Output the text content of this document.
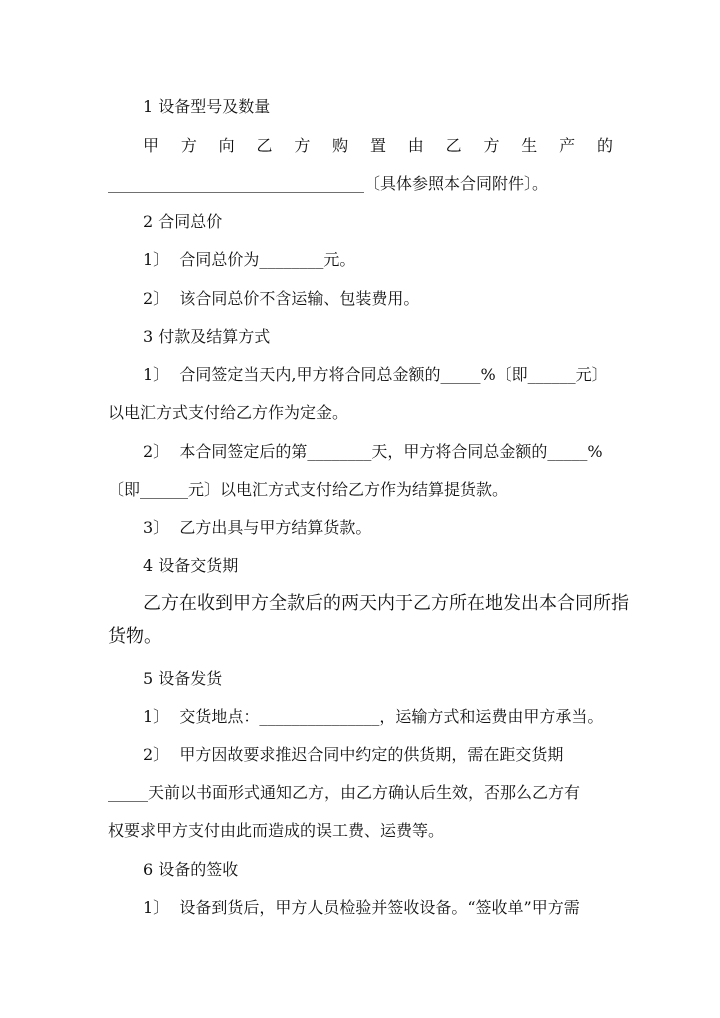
1 设备型号及数量
甲 方 向 乙 方 购 置 由 乙 方 生 产 的
________________________________〔具体参照本合同附件〕。
2 合同总价
1〕  合同总价为________元。
2〕  该合同总价不含运输、包装费用。
3 付款及结算方式
1〕  合同签定当天内,甲方将合同总金额的_____%〔即______元〕
以电汇方式支付给乙方作为定金。
2〕  本合同签定后的第________天，甲方将合同总金额的_____%
〔即______元〕以电汇方式支付给乙方作为结算提货款。
3〕  乙方出具与甲方结算货款。
4 设备交货期
乙方在收到甲方全款后的两天内于乙方所在地发出本合同所指
货物。
5 设备发货
1〕  交货地点：_______________，运输方式和运费由甲方承当。
2〕  甲方因故要求推迟合同中约定的供货期，需在距交货期
_____天前以书面形式通知乙方，由乙方确认后生效，否那么乙方有
权要求甲方支付由此而造成的误工费、运费等。
6 设备的签收
1〕  设备到货后，甲方人员检验并签收设备。“签收单”甲方需
